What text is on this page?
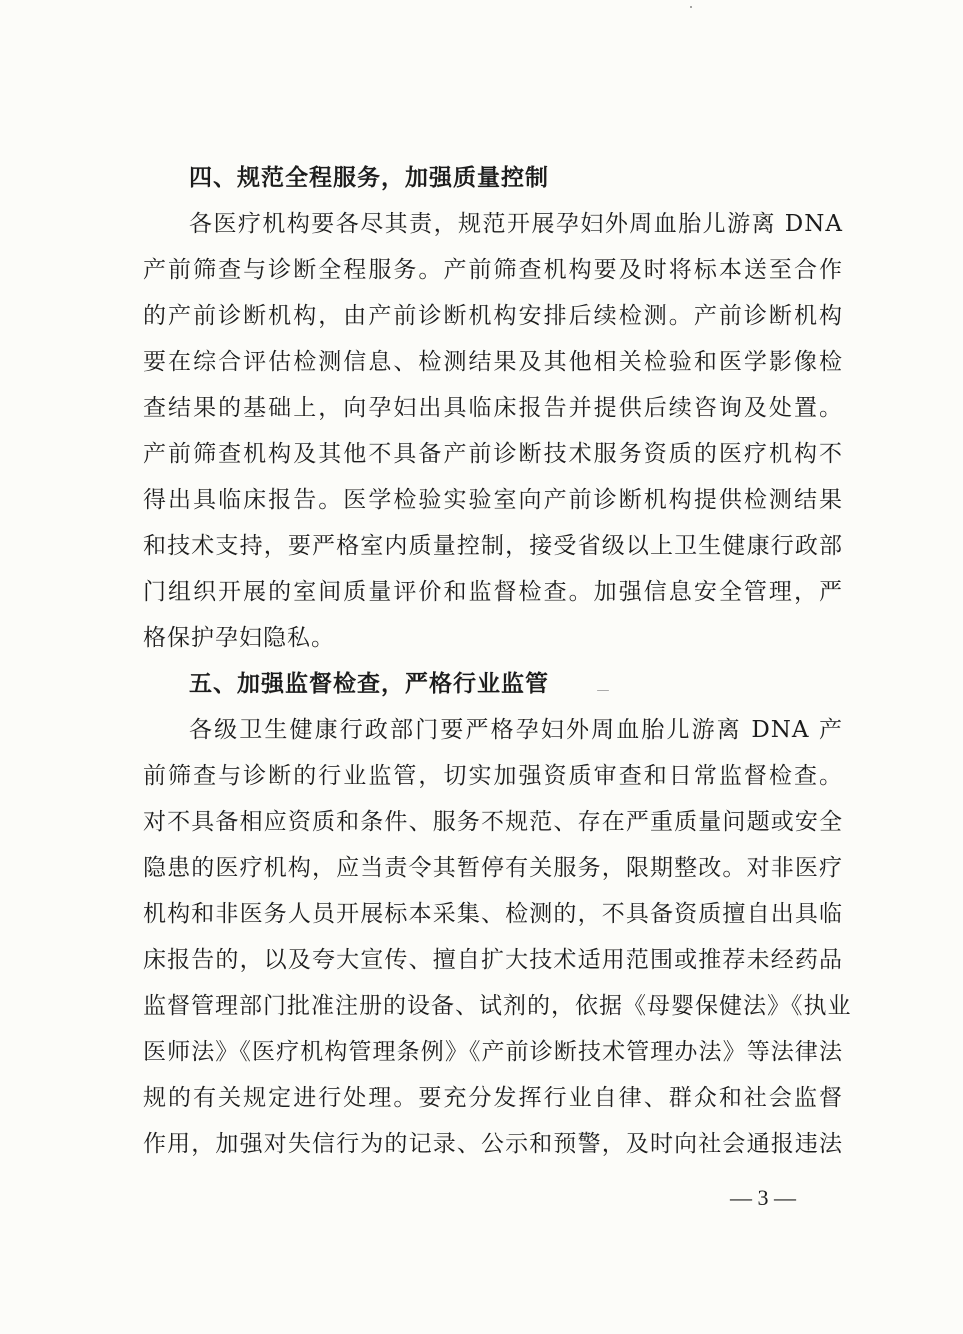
四、规范全程服务，加强质量控制

各医疗机构要各尽其责，规范开展孕妇外周血胎儿游离 DNA

产前筛查与诊断全程服务。产前筛查机构要及时将标本送至合作

的产前诊断机构，由产前诊断机构安排后续检测。产前诊断机构

要在综合评估检测信息、检测结果及其他相关检验和医学影像检

查结果的基础上，向孕妇出具临床报告并提供后续咨询及处置。

产前筛查机构及其他不具备产前诊断技术服务资质的医疗机构不

得出具临床报告。医学检验实验室向产前诊断机构提供检测结果

和技术支持，要严格室内质量控制，接受省级以上卫生健康行政部

门组织开展的室间质量评价和监督检查。加强信息安全管理，严

格保护孕妇隐私。

五、加强监督检查，严格行业监管

各级卫生健康行政部门要严格孕妇外周血胎儿游离 DNA 产

前筛查与诊断的行业监管，切实加强资质审查和日常监督检查。

对不具备相应资质和条件、服务不规范、存在严重质量问题或安全

隐患的医疗机构，应当责令其暂停有关服务，限期整改。对非医疗

机构和非医务人员开展标本采集、检测的，不具备资质擅自出具临

床报告的，以及夸大宣传、擅自扩大技术适用范围或推荐未经药品

监督管理部门批准注册的设备、试剂的，依据《母婴保健法》《执业

医师法》《医疗机构管理条例》《产前诊断技术管理办法》等法律法

规的有关规定进行处理。要充分发挥行业自律、群众和社会监督

作用，加强对失信行为的记录、公示和预警，及时向社会通报违法

— 3 —
